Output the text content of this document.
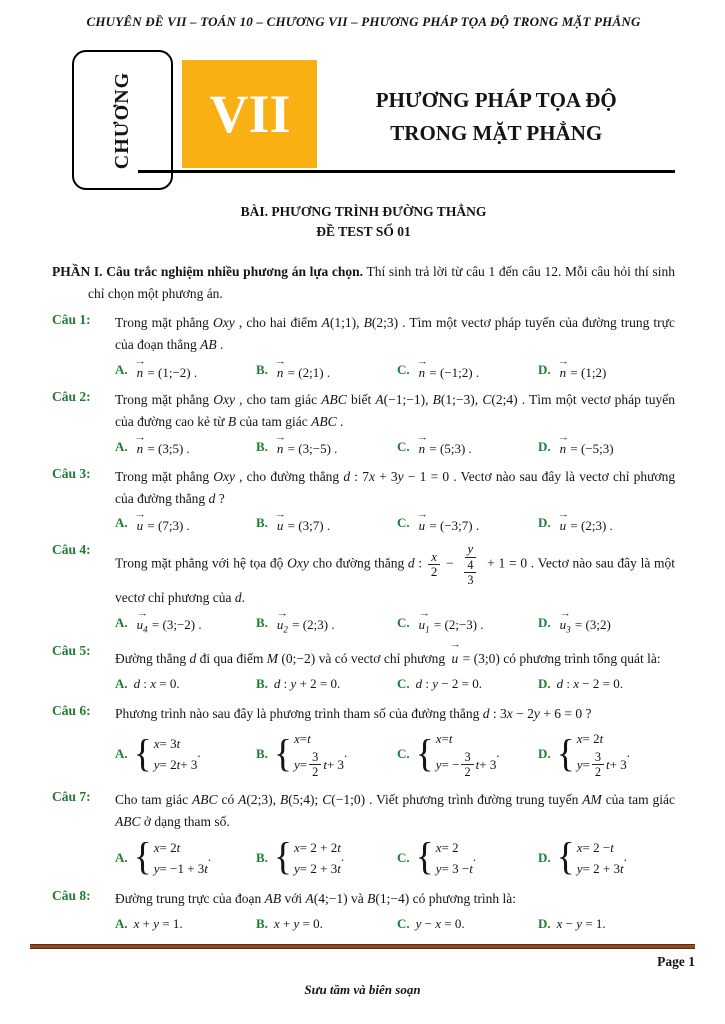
CHUYÊN ĐỀ VII – TOÁN 10 – CHƯƠNG VII – PHƯƠNG PHÁP TỌA ĐỘ TRONG MẶT PHẲNG
CHƯƠNG VII	PHƯƠNG PHÁP TỌA ĐỘ
TRONG MẶT PHẲNG
BÀI. PHƯƠNG TRÌNH ĐƯỜNG THẲNG
ĐỀ TEST SỐ 01
PHẦN I. Câu trắc nghiệm nhiều phương án lựa chọn. Thí sinh trả lời từ câu 1 đến câu 12. Mỗi câu hỏi thí sinh chỉ chọn một phương án.
Câu 1:	Trong mặt phẳng Oxy , cho hai điểm A(1;1), B(2;3) . Tìm một vectơ pháp tuyến của đường trung trực của đoạn thẳng AB .
A.
→
n = (1;−2) .	B.
→
n = (2;1) .	C.
→
n = (−1;2) .	D.
→
n = (1;2)
Câu 2:	Trong mặt phẳng Oxy , cho tam giác ABC biết A(−1;−1), B(1;−3), C(2;4) . Tìm một vectơ pháp tuyến của đường cao kẻ từ B của tam giác ABC .
A.
→
n = (3;5) .	B.
→
n = (3;−5) .	C.
→
n = (5;3) .	D.
→
n = (−5;3)
Câu 3:	Trong mặt phẳng Oxy , cho đường thẳng d : 7x + 3y − 1 = 0 . Vectơ nào sau đây là vectơ chỉ phương của đường thẳng d ?
A.
→
u = (7;3) .	B.
→
u = (3;7) .	C.
→
u = (−3;7) .	D.
→
u = (2;3) .
Câu 4:
Trong mặt phẳng với hệ tọa độ Oxy cho đường thẳng d : $\frac{x}{2} - \frac{y}{\frac{4}{3}} + 1 = 0$ . Vectơ nào sau đây là một vectơ chỉ phương của d.
A.
→
$u_4$ = (3;−2) .	B.
→
$u_2$ = (2;3) .	C.
→
$u_1$ = (2;−3) .	D.
→
$u_3$ = (3;2)
Câu 5:
Đường thẳng d đi qua điểm M (0;−2) và có vectơ chỉ phương
→
u = (3;0) có phương trình tổng quát là:
A. d : x = 0.	B. d : y + 2 = 0.	C. d : y − 2 = 0.	D. d : x − 2 = 0.
Câu 6:	Phương trình nào sau đây là phương trình tham số của đường thẳng d : 3x − 2y + 6 = 0 ?
A. { x = 3 t
y = 2 t + 3
.	B. { x = t
$y = \frac{3}{2}$ t + 3
.	C. { x = t
y = − $\frac{3}{2}$ t + 3
.	D. { x = 2 t
$y = \frac{3}{2}$ t + 3
.
Câu 7:	Cho tam giác ABC có A(2;3), B(5;4); C(−1;0) . Viết phương trình đường trung tuyến AM của tam giác ABC ở dạng tham số.
A. { x = 2 t
y = −1 + 3 t
.	B. { x = 2 + 2 t
y = 2 + 3 t
.	C. { x = 2
y = 3 − t
.	D. { x = 2 − t
y = 2 + 3 t
.
Câu 8:	Đường trung trực của đoạn AB với A(4;−1) và B(1;−4) có phương trình là:
A. x + y = 1.	B. x + y = 0.	C. y − x = 0.	D. x − y = 1.
Page 1
Sưu tầm và biên soạn
